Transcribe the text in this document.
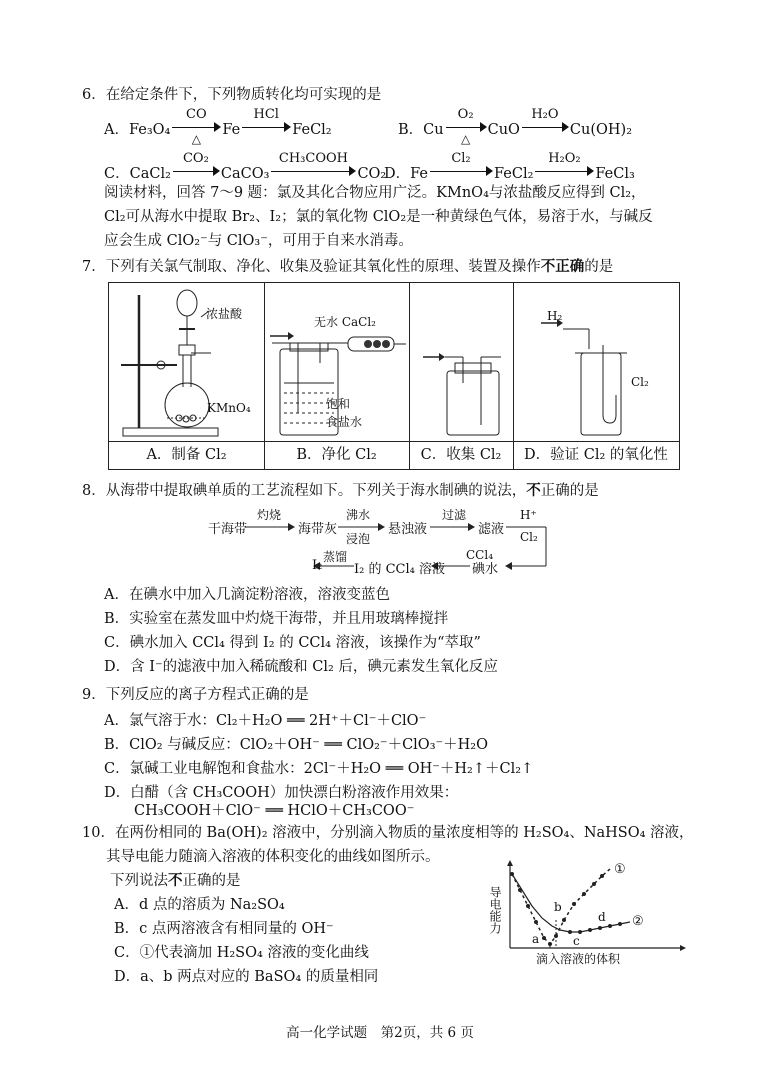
6．在给定条件下，下列物质转化均可实现的是
A．Fe₃O₄
CO
△
Fe
HCl
FeCl₂	B．Cu
O₂
△
CuO
H₂O
Cu(OH)₂
C．CaCl₂
CO₂
CaCO₃
CH₃COOH
CO₂
D．Fe
Cl₂
FeCl₂
H₂O₂
FeCl₃
阅读材料，回答 7～9 题：氯及其化合物应用广泛。KMnO₄与浓盐酸反应得到 Cl₂，
Cl₂可从海水中提取 Br₂、I₂；氯的氧化物 ClO₂是一种黄绿色气体，易溶于水，与碱反
应会生成 ClO₂⁻与 ClO₃⁻，可用于自来水消毒。
7．下列有关氯气制取、净化、收集及验证其氧化性的原理、装置及操作不正确的是
浓盐酸
KMnO₄
A．制备 Cl₂
无水 CaCl₂
饱和
食盐水
B．净化 Cl₂	C．收集 Cl₂
H₂
Cl₂
D．验证 Cl₂ 的氧化性
8．从海带中提取碘单质的工艺流程如下。下列关于海水制碘的说法，不正确的是
干海带
灼烧
海带灰
沸水
浸泡
悬浊液
过滤
滤液
H⁺
Cl₂
碘水
CCl₄
I₂ 的 CCl₄ 溶液
蒸馏
I₂
A．在碘水中加入几滴淀粉溶液，溶液变蓝色
B．实验室在蒸发皿中灼烧干海带，并且用玻璃棒搅拌
C．碘水加入 CCl₄ 得到 I₂ 的 CCl₄ 溶液，该操作为“萃取”
D．含 I⁻的滤液中加入稀硫酸和 Cl₂ 后，碘元素发生氧化反应
9．下列反应的离子方程式正确的是
A．氯气溶于水：Cl₂＋H₂O ══ 2H⁺＋Cl⁻＋ClO⁻
B．ClO₂ 与碱反应：ClO₂＋OH⁻ ══ ClO₂⁻＋ClO₃⁻＋H₂O
C．氯碱工业电解饱和食盐水：2Cl⁻＋H₂O ══ OH⁻＋H₂↑＋Cl₂↑
D．白醋（含 CH₃COOH）加快漂白粉溶液作用效果：
CH₃COOH＋ClO⁻ ══ HClO＋CH₃COO⁻
10．在两份相同的 Ba(OH)₂ 溶液中，分别滴入物质的量浓度相等的 H₂SO₄、NaHSO₄ 溶液，
其导电能力随滴入溶液的体积变化的曲线如图所示。
下列说法不正确的是
A．d 点的溶质为 Na₂SO₄
B．c 点两溶液含有相同量的 OH⁻
C．①代表滴加 H₂SO₄ 溶液的变化曲线
D．a、b 两点对应的 BaSO₄ 的质量相同
导电能力
滴入溶液的体积
a
b
c
d
①
②
高一化学试题　第2页，共 6 页
